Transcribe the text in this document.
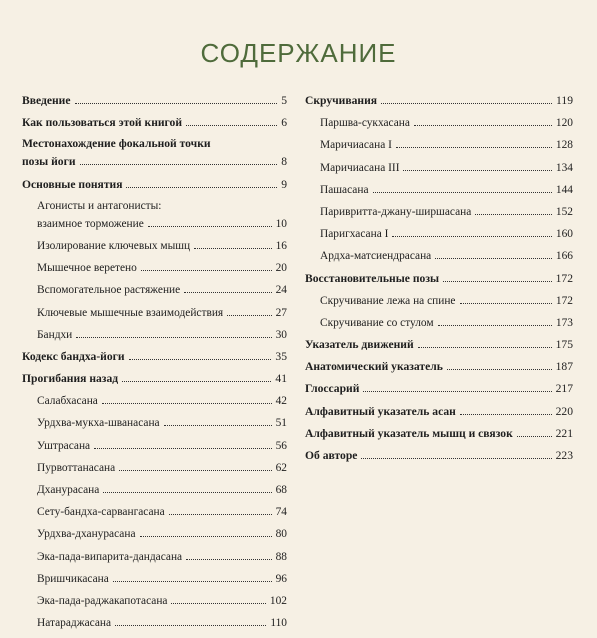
СОДЕРЖАНИЕ
Введение	5
Как пользоваться этой книгой	6
Местонахождение фокальной точки
позы йоги	8
Основные понятия	9
Агонисты и антагонисты:
взаимное торможение	10
Изолирование ключевых мышц	16
Мышечное веретено	20
Вспомогательное растяжение	24
Ключевые мышечные взаимодействия	27
Бандхи	30
Кодекс бандха-йоги	35
Прогибания назад	41
Салабхасана	42
Урдхва-мукха-шванасана	51
Уштрасана	56
Пурвоттанасана	62
Дханурасана	68
Сету-бандха-сарвангасана	74
Урдхва-дханурасана	80
Эка-пада-випарита-дандасана	88
Вришчикасана	96
Эка-пада-раджакапотасана	102
Натараджасана	110
Скручивания	119
Паршва-сукхасана	120
Маричиасана I	128
Маричиасана III	134
Пашасана	144
Паривритта-джану-ширшасана	152
Паригхасана I	160
Ардха-матсиендрасана	166
Восстановительные позы	172
Скручивание лежа на спине	172
Скручивание со стулом	173
Указатель движений	175
Анатомический указатель	187
Глоссарий	217
Алфавитный указатель асан	220
Алфавитный указатель мышц и связок	221
Об авторе	223
